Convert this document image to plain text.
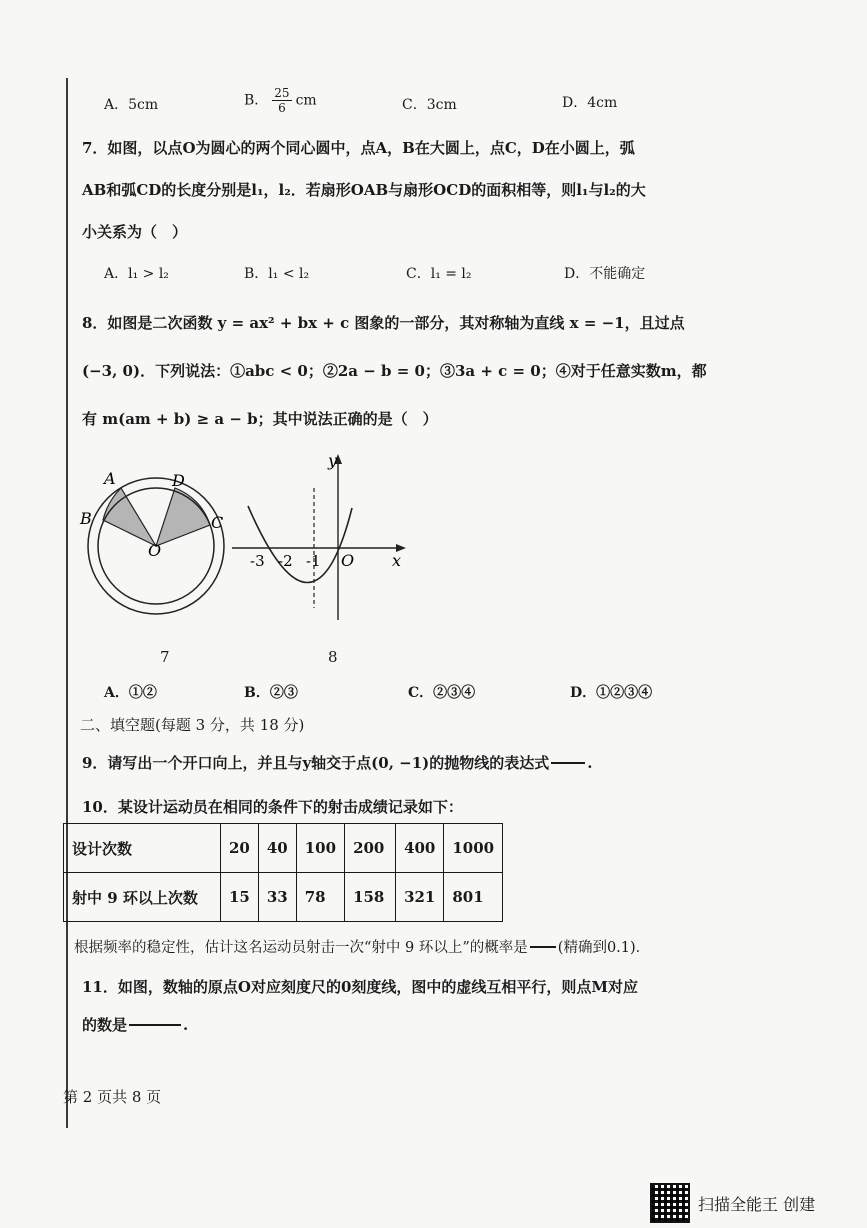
A．5cm	B． $\frac{25}{6}$ cm	C．3cm	D．4cm
7．如图，以点O为圆心的两个同心圆中，点A，B在大圆上，点C，D在小圆上，弧
AB和弧CD的长度分别是l₁，l₂．若扇形OAB与扇形OCD的面积相等，则l₁与l₂的大
小关系为（　）
A．l₁ > l₂	B．l₁ < l₂	C．l₁ = l₂	D．不能确定
8．如图是二次函数 y = ax² + bx + c 图象的一部分，其对称轴为直线 x = −1，且过点
(−3, 0)．下列说法：①abc < 0；②2a − b = 0；③3a + c = 0；④对于任意实数m，都
有 m(am + b) ≥ a − b；其中说法正确的是（　）
A
B
D
C
O
y
x
O
-3 -2 -1
7	8
A．①②	B．②③	C．②③④	D．①②③④
二、填空题(每题 3 分，共 18 分)
9．请写出一个开口向上，并且与y轴交于点(0, −1)的抛物线的表达式	.
10．某设计运动员在相同的条件下的射击成绩记录如下：
设计次数	20	40	100	200	400	1000
射中 9 环以上次数	15	33	78	158	321	801
根据频率的稳定性，估计这名运动员射击一次“射中 9 环以上”的概率是 (精确到0.1)．
11．如图，数轴的原点O对应刻度尺的0刻度线，图中的虚线互相平行，则点M对应
的数是	.
第 2 页共 8 页
扫描全能王 创建
